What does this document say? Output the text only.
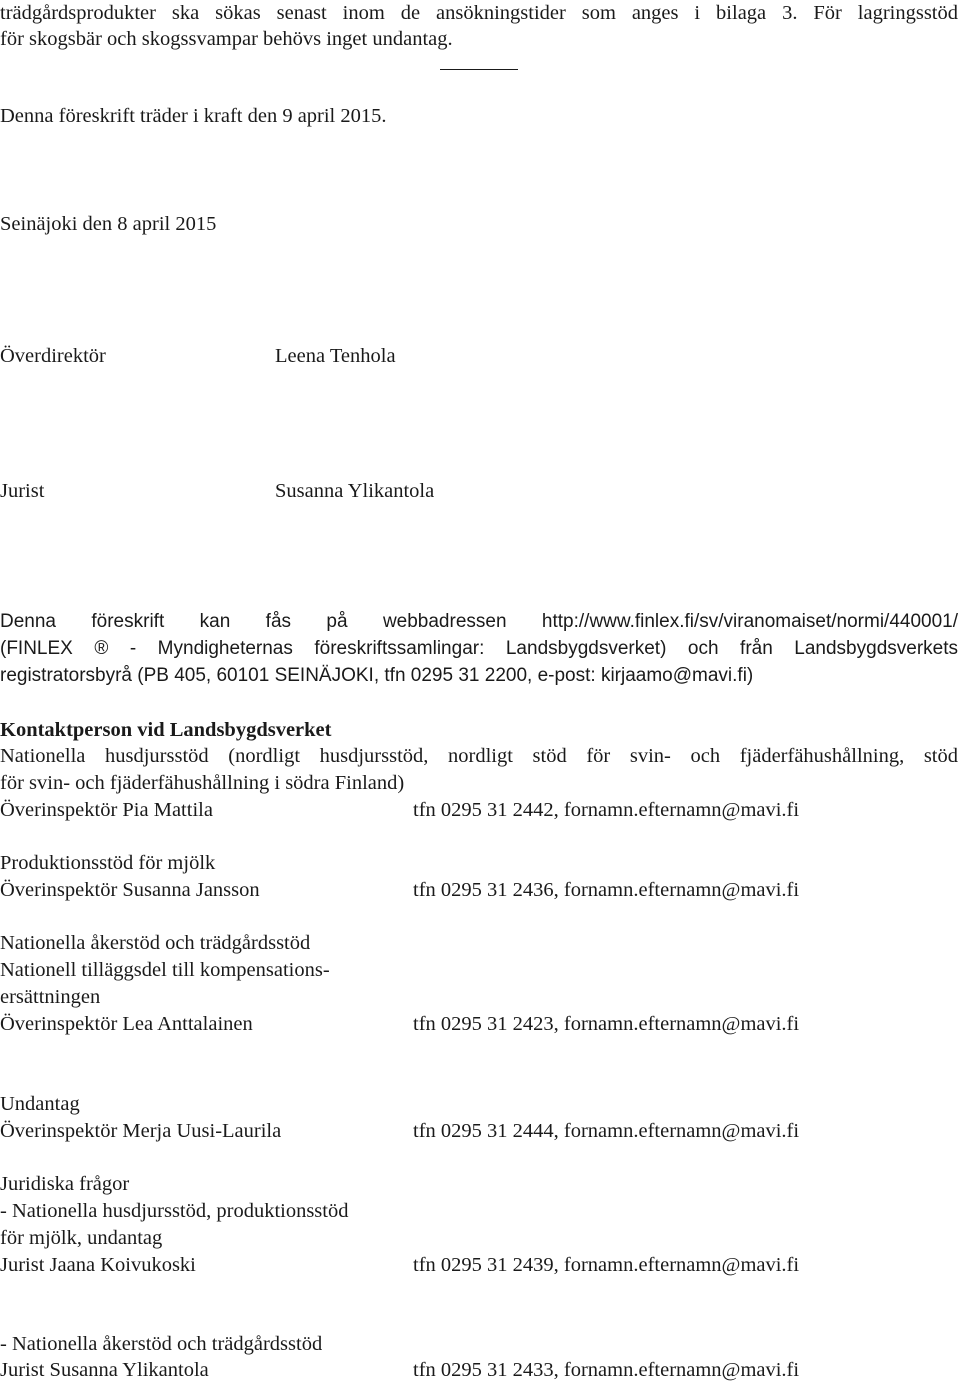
trädgårdsprodukter ska sökas senast inom de ansökningstider som anges i bilaga 3. För lagringsstöd
för skogsbär och skogssvampar behövs inget undantag.
Denna föreskrift träder i kraft den 9 april 2015.
Seinäjoki den 8 april 2015
Överdirektör	Leena Tenhola
Jurist	Susanna Ylikantola
Denna föreskrift kan fås på webbadressen http://www.finlex.fi/sv/viranomaiset/normi/440001/
(FINLEX ® - Myndigheternas föreskriftssamlingar: Landsbygdsverket) och från Landsbygdsverkets
registratorsbyrå (PB 405, 60101 SEINÄJOKI, tfn 0295 31 2200, e-post: kirjaamo@mavi.fi)
Kontaktperson vid Landsbygdsverket
Nationella husdjursstöd (nordligt husdjursstöd, nordligt stöd för svin- och fjäderfähushållning, stöd
för svin- och fjäderfähushållning i södra Finland)
Överinspektör Pia Mattila	tfn 0295 31 2442, fornamn.efternamn@mavi.fi
Produktionsstöd för mjölk
Överinspektör Susanna Jansson	tfn 0295 31 2436, fornamn.efternamn@mavi.fi
Nationella åkerstöd och trädgårdsstöd
Nationell tilläggsdel till kompensations-
ersättningen
Överinspektör Lea Anttalainen	tfn 0295 31 2423, fornamn.efternamn@mavi.fi
Undantag
Överinspektör Merja Uusi-Laurila	tfn 0295 31 2444, fornamn.efternamn@mavi.fi
Juridiska frågor
- Nationella husdjursstöd, produktionsstöd
för mjölk, undantag
Jurist Jaana Koivukoski	tfn 0295 31 2439, fornamn.efternamn@mavi.fi
- Nationella åkerstöd och trädgårdsstöd
Jurist Susanna Ylikantola	tfn 0295 31 2433, fornamn.efternamn@mavi.fi
